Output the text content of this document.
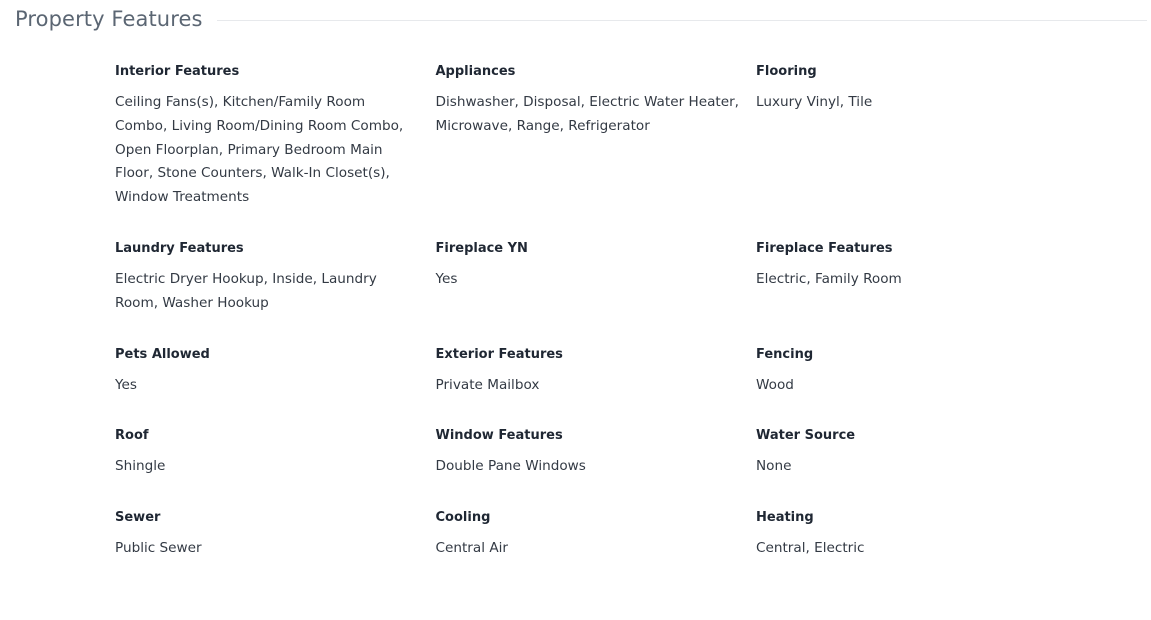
Property Features
Interior Features
Ceiling Fans(s), Kitchen/Family Room Combo, Living Room/Dining Room Combo, Open Floorplan, Primary Bedroom Main Floor, Stone Counters, Walk-In Closet(s), Window Treatments
Appliances
Dishwasher, Disposal, Electric Water Heater, Microwave, Range, Refrigerator
Flooring
Luxury Vinyl, Tile
Laundry Features
Electric Dryer Hookup, Inside, Laundry Room, Washer Hookup
Fireplace YN
Yes
Fireplace Features
Electric, Family Room
Pets Allowed
Yes
Exterior Features
Private Mailbox
Fencing
Wood
Roof
Shingle
Window Features
Double Pane Windows
Water Source
None
Sewer
Public Sewer
Cooling
Central Air
Heating
Central, Electric
